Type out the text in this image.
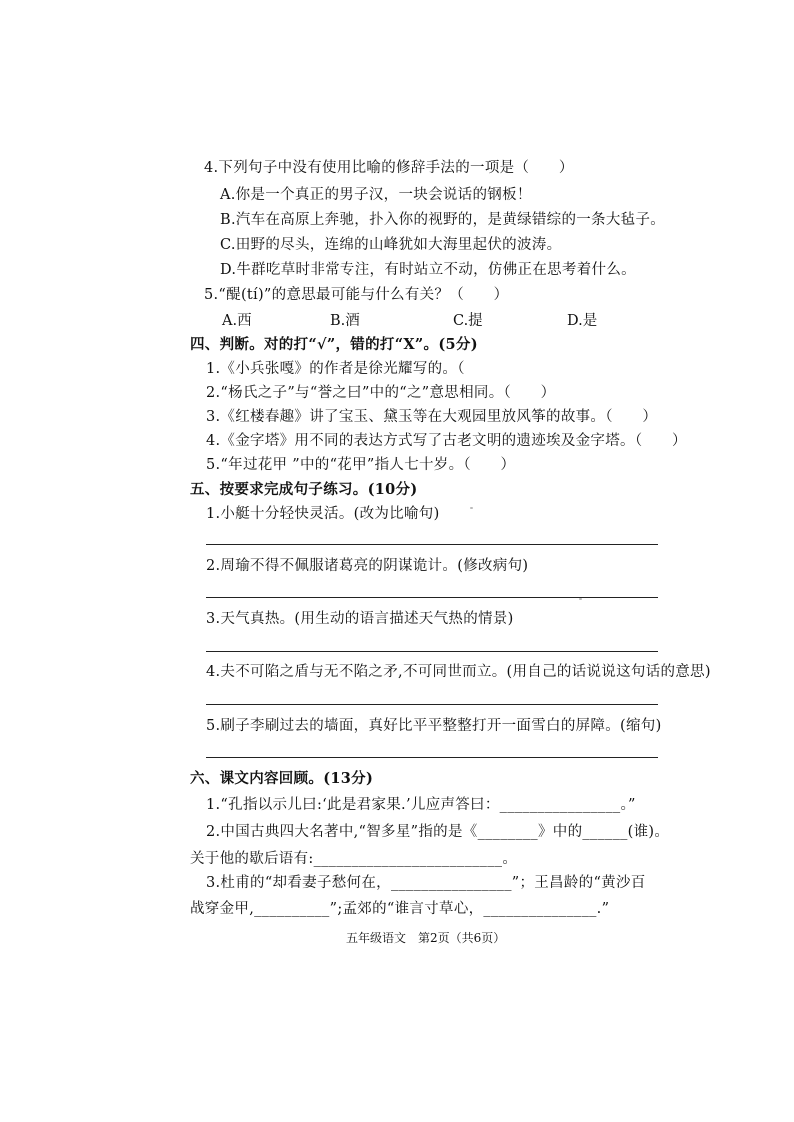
4.下列句子中没有使用比喻的修辞手法的一项是（　　）
A.你是一个真正的男子汉，一块会说话的钢板！
B.汽车在高原上奔驰，扑入你的视野的，是黄绿错综的一条大毡子。
C.田野的尽头，连绵的山峰犹如大海里起伏的波涛。
D.牛群吃草时非常专注，有时站立不动，仿佛正在思考着什么。
5.“醍(tí)”的意思最可能与什么有关？（　　）
A.西	B.酒	C.提	D.是
四、判断。对的打“√”，错的打“X”。(5分)
1.《小兵张嘎》的作者是徐光耀写的。（
2.“杨氏之子”与“誉之曰”中的“之”意思相同。（　　）
3.《红楼春趣》讲了宝玉、黛玉等在大观园里放风筝的故事。（　　）
4.《金字塔》用不同的表达方式写了古老文明的遗迹埃及金字塔。（　　）
5.“年过花甲 ”中的“花甲”指人七十岁。（　　）
五、按要求完成句子练习。(10分)
1.小艇十分轻快灵活。(改为比喻句)
2.周瑜不得不佩服诸葛亮的阴谋诡计。(修改病句)
3.天气真热。(用生动的语言描述天气热的情景)
4.夫不可陷之盾与无不陷之矛,不可同世而立。(用自己的话说说这句话的意思)
5.刷子李刷过去的墙面，真好比平平整整打开一面雪白的屏障。(缩句)
六、课文内容回顾。(13分)
1.“孔指以示儿曰:‘此是君家果.’儿应声答曰：________________。”
2.中国古典四大名著中,“智多星”指的是《________》中的______(谁)。
关于他的歇后语有:_________________________。
3.杜甫的“却看妻子愁何在，________________”；王昌龄的“黄沙百
战穿金甲,__________”;孟郊的“谁言寸草心，_______________.”
五年级语文　第2页（共6页）
